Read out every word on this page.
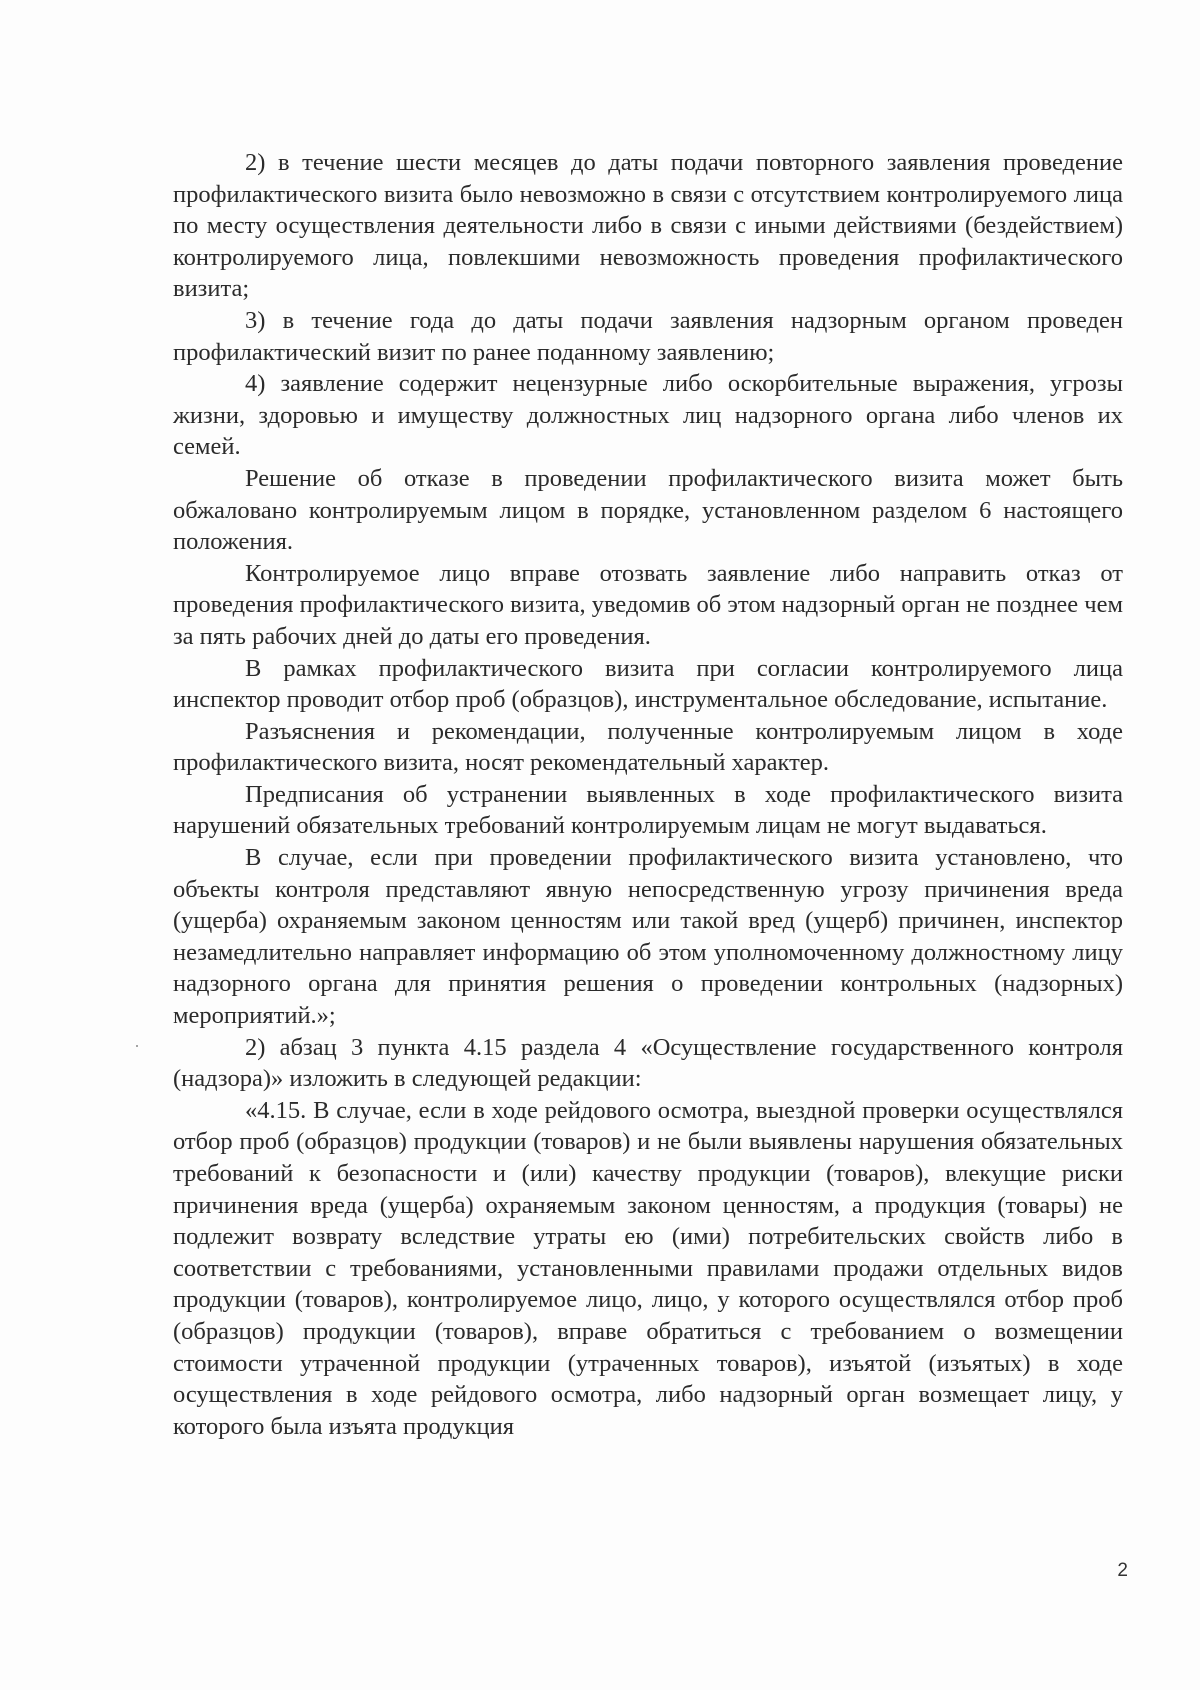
2) в течение шести месяцев до даты подачи повторного заявления проведение профилактического визита было невозможно в связи с отсутствием контролируемого лица по месту осуществления деятельности либо в связи с иными действиями (бездействием) контролируемого лица, повлекшими невозможность проведения профилактического визита;

3) в течение года до даты подачи заявления надзорным органом проведен профилактический визит по ранее поданному заявлению;

4) заявление содержит нецензурные либо оскорбительные выражения, угрозы жизни, здоровью и имуществу должностных лиц надзорного органа либо членов их семей.

Решение об отказе в проведении профилактического визита может быть обжаловано контролируемым лицом в порядке, установленном разделом 6 настоящего положения.

Контролируемое лицо вправе отозвать заявление либо направить отказ от проведения профилактического визита, уведомив об этом надзорный орган не позднее чем за пять рабочих дней до даты его проведения.

В рамках профилактического визита при согласии контролируемого лица инспектор проводит отбор проб (образцов), инструментальное обследование, испытание.

Разъяснения и рекомендации, полученные контролируемым лицом в ходе профилактического визита, носят рекомендательный характер.

Предписания об устранении выявленных в ходе профилактического визита нарушений обязательных требований контролируемым лицам не могут выдаваться.

В случае, если при проведении профилактического визита установлено, что объекты контроля представляют явную непосредственную угрозу причинения вреда (ущерба) охраняемым законом ценностям или такой вред (ущерб) причинен, инспектор незамедлительно направляет информацию об этом уполномоченному должностному лицу надзорного органа для принятия решения о проведении контрольных (надзорных) мероприятий.»;

2) абзац 3 пункта 4.15 раздела 4 «Осуществление государственного контроля (надзора)» изложить в следующей редакции:

«4.15. В случае, если в ходе рейдового осмотра, выездной проверки осуществлялся отбор проб (образцов) продукции (товаров) и не были выявлены нарушения обязательных требований к безопасности и (или) качеству продукции (товаров), влекущие риски причинения вреда (ущерба) охраняемым законом ценностям, а продукция (товары) не подлежит возврату вследствие утраты ею (ими) потребительских свойств либо в соответствии с требованиями, установленными правилами продажи отдельных видов продукции (товаров), контролируемое лицо, лицо, у которого осуществлялся отбор проб (образцов) продукции (товаров), вправе обратиться с требованием о возмещении стоимости утраченной продукции (утраченных товаров), изъятой (изъятых) в ходе осуществления в ходе рейдового осмотра, либо надзорный орган возмещает лицу, у которого была изъята продукция

2
